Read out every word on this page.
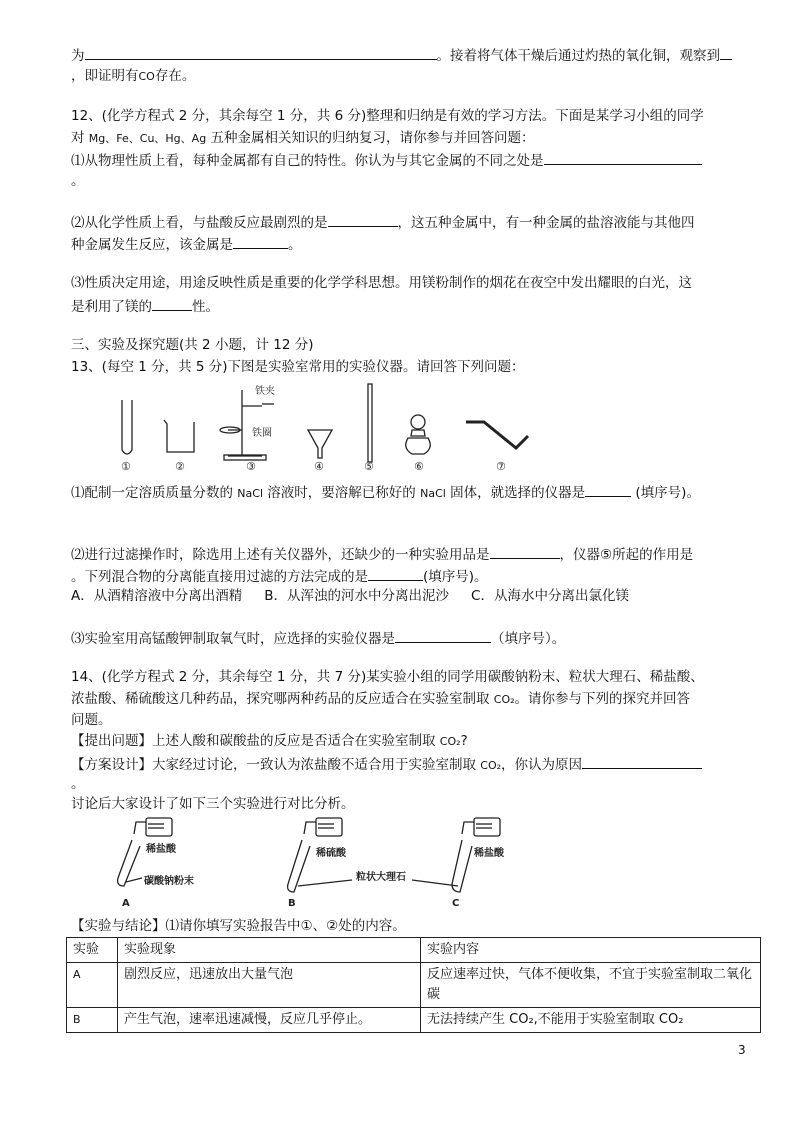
为	。接着将气体干燥后通过灼热的氧化铜，观察到
，即证明有CO存在。
12、(化学方程式 2 分，其余每空 1 分，共 6 分)整理和归纳是有效的学习方法。下面是某学习小组的同学
对 Mg、Fe、Cu、Hg、Ag 五种金属相关知识的归纳复习，请你参与并回答问题：
⑴从物理性质上看，每种金属都有自己的特性。你认为与其它金属的不同之处是
。
⑵从化学性质上看，与盐酸反应最剧烈的是	，这五种金属中，有一种金属的盐溶液能与其他四
种金属发生反应，该金属是	。
⑶性质决定用途，用途反映性质是重要的化学学科思想。用镁粉制作的烟花在夜空中发出耀眼的白光，这
是利用了镁的	性。
三、实验及探究题(共 2 小题，计 12 分)
13、(每空 1 分，共 5 分)下图是实验室常用的实验仪器。请回答下列问题：
铁夹
铁圈
①	②	③	④	⑤	⑥	⑦
⑴配制一定溶质质量分数的 NaCl 溶液时，要溶解已称好的 NaCl 固体，就选择的仪器是	(填序号)。
⑵进行过滤操作时，除选用上述有关仪器外，还缺少的一种实验用品是	，仪器⑤所起的作用是
。下列混合物的分离能直接用过滤的方法完成的是	(填序号)。
A．从酒精溶液中分离出酒精 B．从浑浊的河水中分离出泥沙 C．从海水中分离出氯化镁
⑶实验室用高锰酸钾制取氧气时，应选择的实验仪器是	（填序号）。
14、(化学方程式 2 分，其余每空 1 分，共 7 分)某实验小组的同学用碳酸钠粉末、粒状大理石、稀盐酸、
浓盐酸、稀硫酸这几种药品，探究哪两种药品的反应适合在实验室制取 CO₂。请你参与下列的探究并回答
问题。
【提出问题】上述人酸和碳酸盐的反应是否适合在实验室制取 CO₂?
【方案设计】大家经过讨论，一致认为浓盐酸不适合用于实验室制取 CO₂，你认为原因
。
讨论后大家设计了如下三个实验进行对比分析。
稀盐酸	稀硫酸	稀盐酸
碳酸钠粉末	粒状大理石
A	B	C
【实验与结论】⑴请你填写实验报告中①、②处的内容。
实验	实验现象	实验内容
A	剧烈反应，迅速放出大量气泡	反应速率过快，气体不便收集，不宜于实验室制取二氧化碳
B	产生气泡，速率迅速减慢，反应几乎停止。	无法持续产生 CO₂,不能用于实验室制取 CO₂
3
